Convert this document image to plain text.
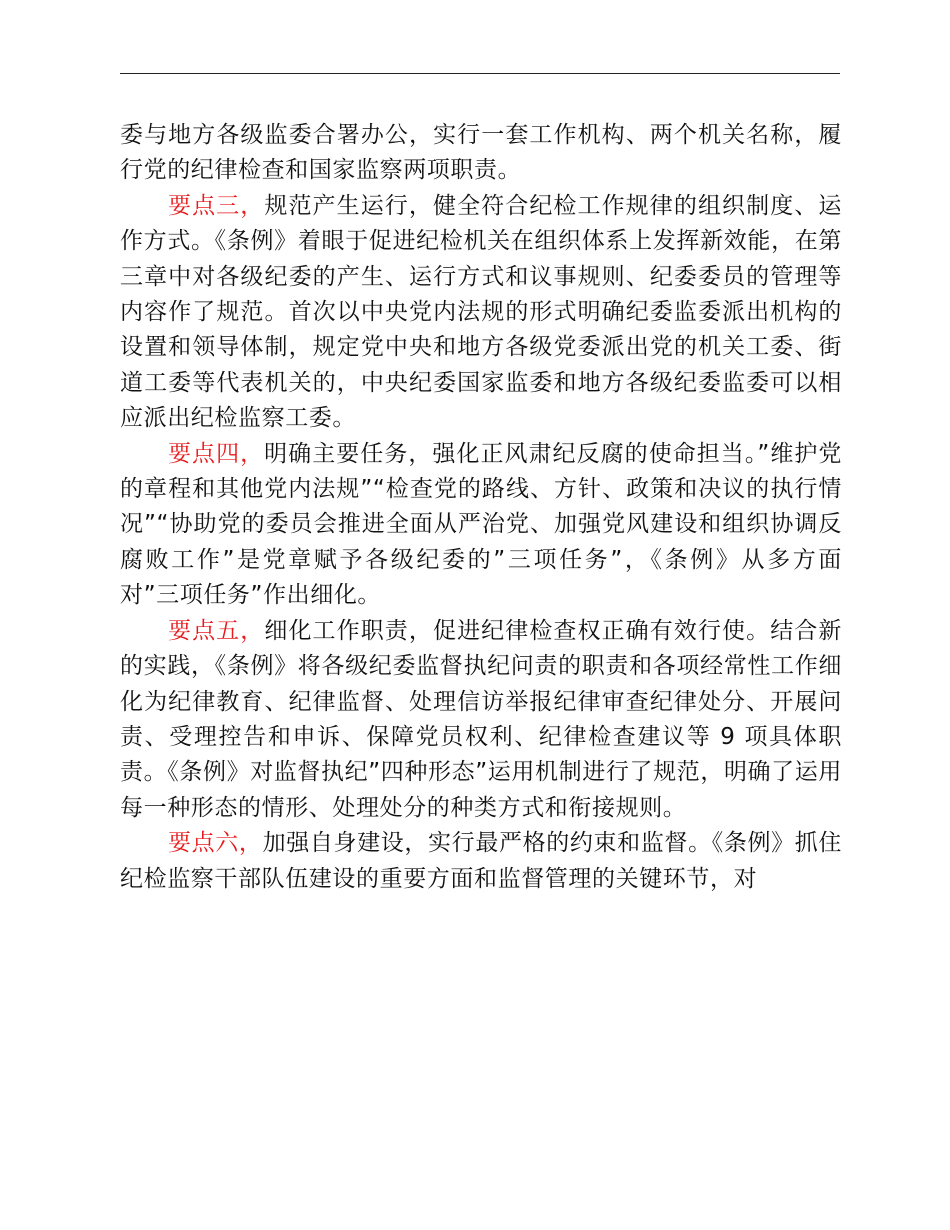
委与地方各级监委合署办公，实行一套工作机构、两个机关名称，履行党的纪律检查和国家监察两项职责。

要点三，规范产生运行，健全符合纪检工作规律的组织制度、运作方式。《条例》着眼于促进纪检机关在组织体系上发挥新效能，在第三章中对各级纪委的产生、运行方式和议事规则、纪委委员的管理等内容作了规范。首次以中央党内法规的形式明确纪委监委派出机构的设置和领导体制，规定党中央和地方各级党委派出党的机关工委、街道工委等代表机关的，中央纪委国家监委和地方各级纪委监委可以相应派出纪检监察工委。

要点四，明确主要任务，强化正风肃纪反腐的使命担当。”维护党的章程和其他党内法规”“检查党的路线、方针、政策和决议的执行情况”“协助党的委员会推进全面从严治党、加强党风建设和组织协调反腐败工作”是党章赋予各级纪委的”三项任务”，《条例》从多方面对”三项任务”作出细化。

要点五，细化工作职责，促进纪律检查权正确有效行使。结合新的实践，《条例》将各级纪委监督执纪问责的职责和各项经常性工作细化为纪律教育、纪律监督、处理信访举报纪律审查纪律处分、开展问责、受理控告和申诉、保障党员权利、纪律检查建议等 9 项具体职责。《条例》对监督执纪”四种形态”运用机制进行了规范，明确了运用每一种形态的情形、处理处分的种类方式和衔接规则。

要点六，加强自身建设，实行最严格的约束和监督。《条例》抓住纪检监察干部队伍建设的重要方面和监督管理的关键环节，对
